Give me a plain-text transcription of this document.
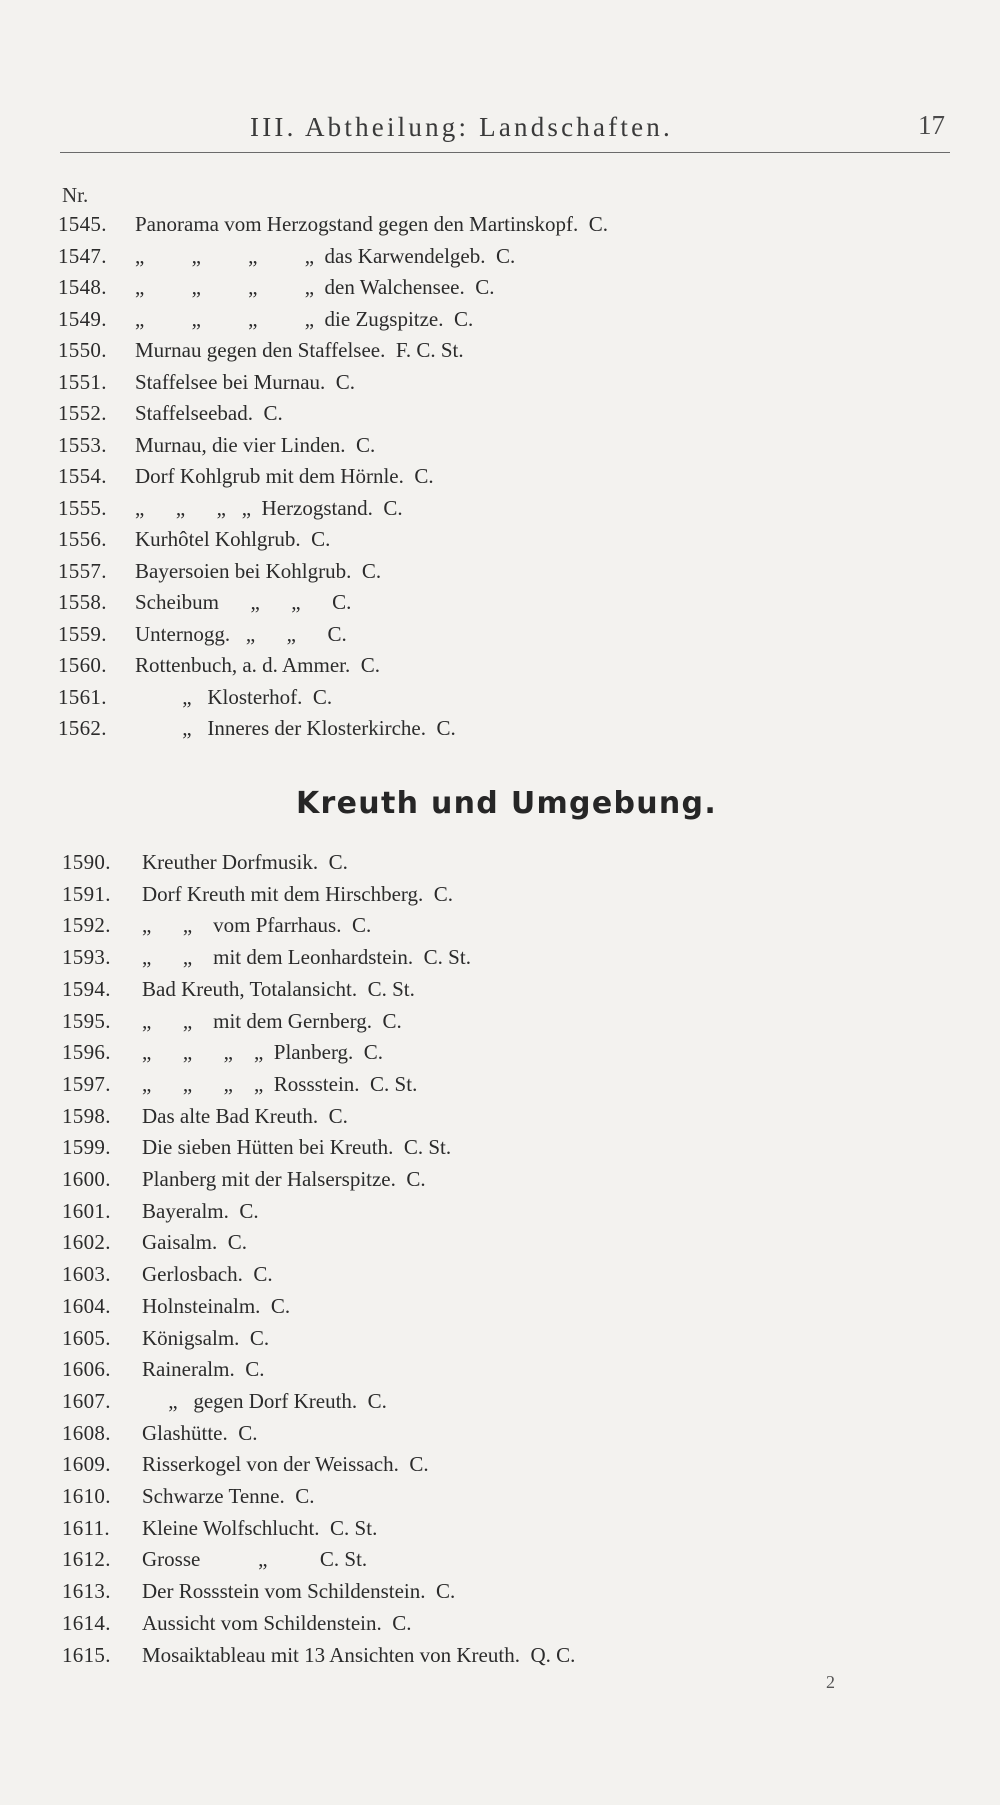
III. Abtheilung: Landschaften.	17
Nr.
1545. Panorama vom Herzogstand gegen den Martinskopf.  C.
1547. „         „         „         „  das Karwendelgeb.  C.
1548. „         „         „         „  den Walchensee.  C.
1549. „         „         „         „  die Zugspitze.  C.
1550. Murnau gegen den Staffelsee.  F. C. St.
1551. Staffelsee bei Murnau.  C.
1552. Staffelseebad.  C.
1553. Murnau, die vier Linden.  C.
1554. Dorf Kohlgrub mit dem Hörnle.  C.
1555. „      „      „   „  Herzogstand.  C.
1556. Kurhôtel Kohlgrub.  C.
1557. Bayersoien bei Kohlgrub.  C.
1558. Scheibum      „      „      C.
1559. Unternogg.   „      „      C.
1560. Rottenbuch, a. d. Ammer.  C.
1561. „   Klosterhof.  C.
1562. „   Inneres der Klosterkirche.  C.
Kreuth und Umgebung.
1590. Kreuther Dorfmusik.  C.
1591. Dorf Kreuth mit dem Hirschberg.  C.
1592. „      „    vom Pfarrhaus.  C.
1593. „      „    mit dem Leonhardstein.  C. St.
1594. Bad Kreuth, Totalansicht.  C. St.
1595. „      „    mit dem Gernberg.  C.
1596. „      „      „    „  Planberg.  C.
1597. „      „      „    „  Rossstein.  C. St.
1598. Das alte Bad Kreuth.  C.
1599. Die sieben Hütten bei Kreuth.  C. St.
1600. Planberg mit der Halserspitze.  C.
1601. Bayeralm.  C.
1602. Gaisalm.  C.
1603. Gerlosbach.  C.
1604. Holnsteinalm.  C.
1605. Königsalm.  C.
1606. Raineralm.  C.
1607. „   gegen Dorf Kreuth.  C.
1608. Glashütte.  C.
1609. Risserkogel von der Weissach.  C.
1610. Schwarze Tenne.  C.
1611. Kleine Wolfschlucht.  C. St.
1612. Grosse           „          C. St.
1613. Der Rossstein vom Schildenstein.  C.
1614. Aussicht vom Schildenstein.  C.
1615. Mosaiktableau mit 13 Ansichten von Kreuth.  Q. C.
2
